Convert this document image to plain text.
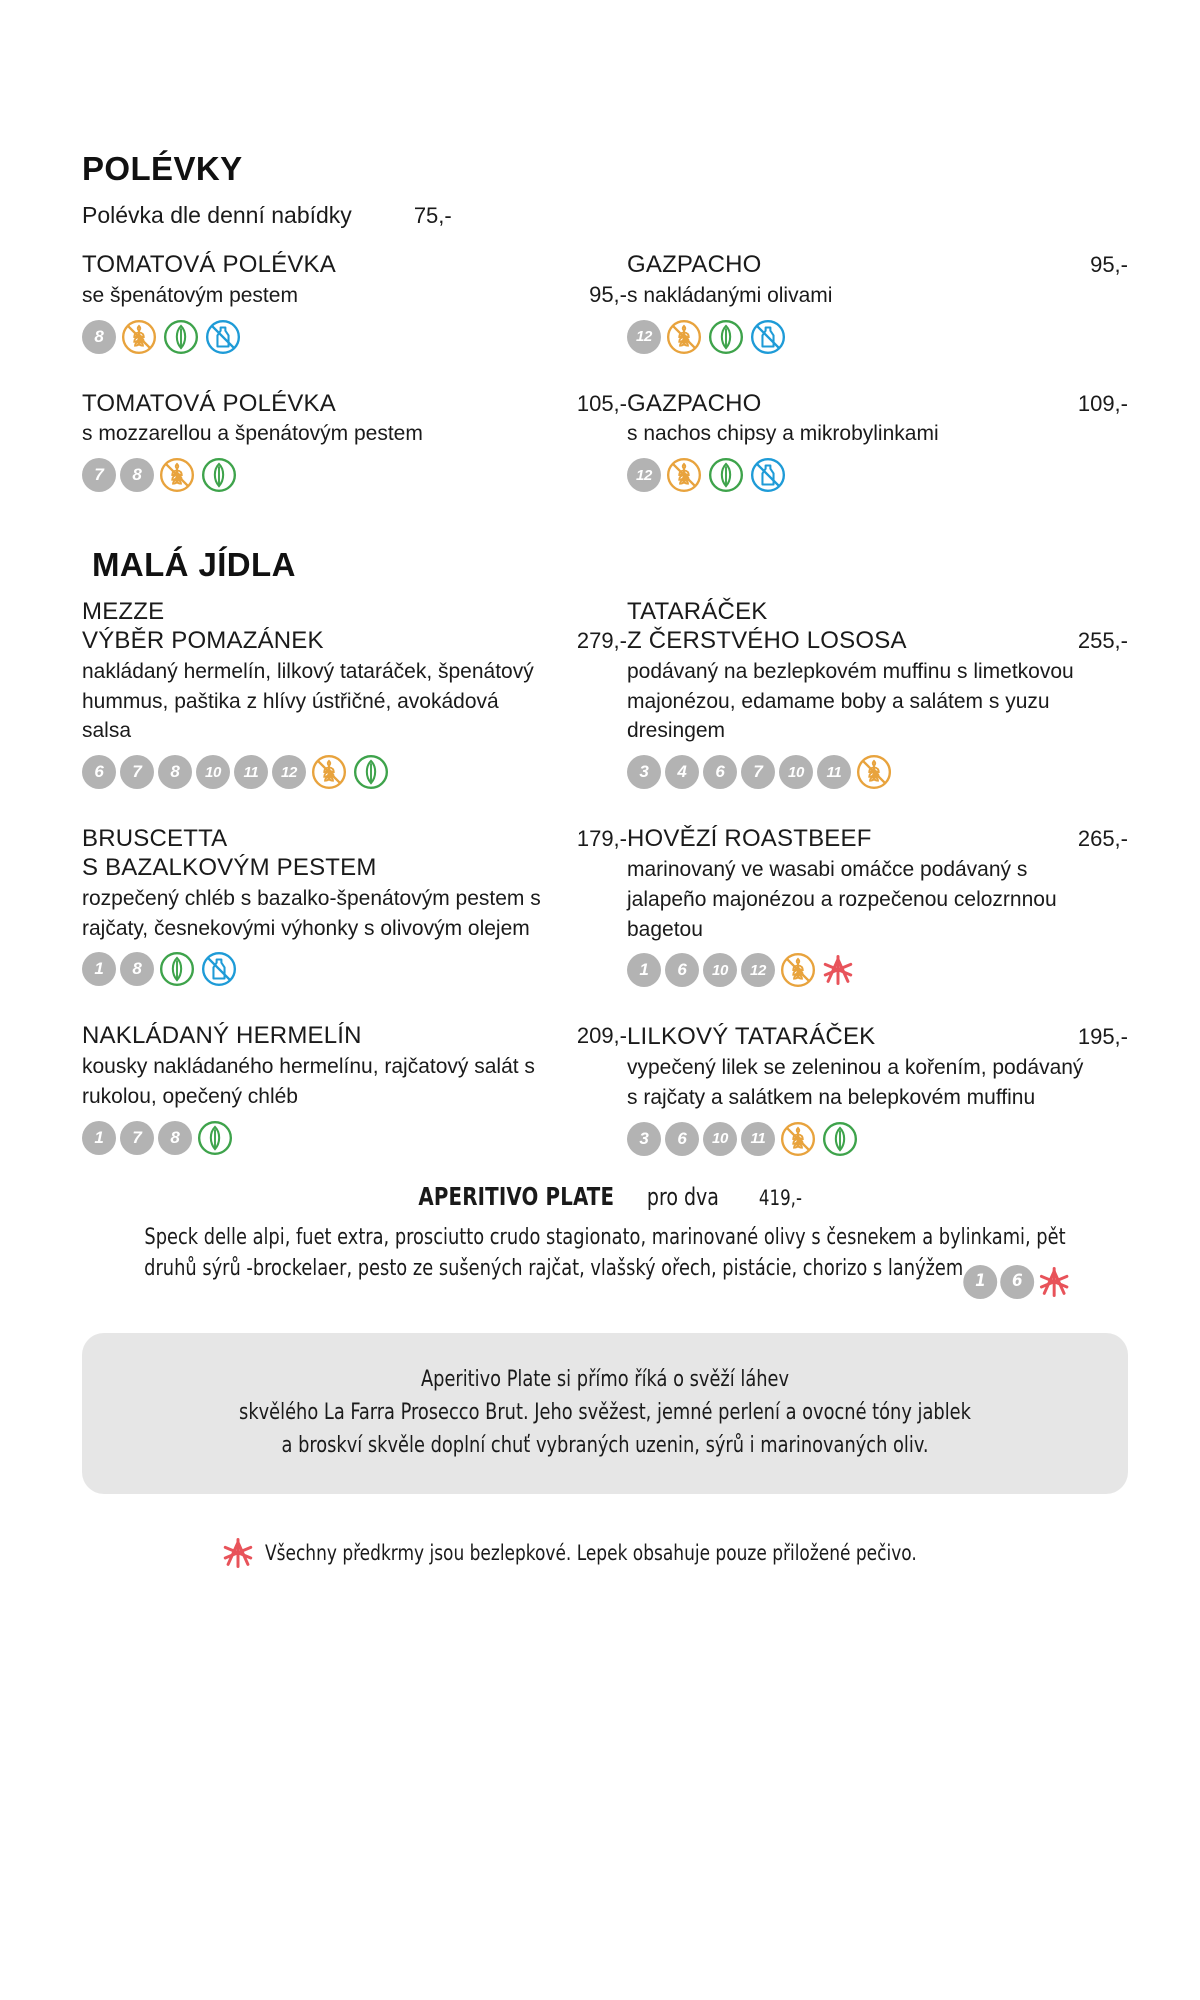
POLÉVKY
Polévka dle denní nabídky	75,-
TOMATOVÁ POLÉVKA
se špenátovým pestem	95,-
8
TOMATOVÁ POLÉVKA	105,-
s mozzarellou a špenátovým pestem
7	8
GAZPACHO	95,-
s nakládanými olivami
12
GAZPACHO	109,-
s nachos chipsy a mikrobylinkami
12
MALÁ JÍDLA
MEZZE
VÝBĚR POMAZÁNEK	279,-
nakládaný hermelín, lilkový tataráček, špenátový hummus, paštika z hlívy ústřičné, avokádová salsa
6	7	8	10	11	12
BRUSCETTA	179,-
S BAZALKOVÝM PESTEM
rozpečený chléb s bazalko-špenátovým pestem s rajčaty, česnekovými výhonky s olivovým olejem
1	8
NAKLÁDANÝ HERMELÍN	209,-
kousky nakládaného hermelínu, rajčatový salát s rukolou, opečený chléb
1	7	8
TATARÁČEK
Z ČERSTVÉHO LOSOSA	255,-
podávaný na bezlepkovém muffinu s limetkovou majonézou, edamame boby a salátem s yuzu dresingem
3	4	6	7	10	11
HOVĚZÍ ROASTBEEF	265,-
marinovaný ve wasabi omáčce podávaný s jalapeño majonézou a rozpečenou celozrnnou bagetou
1	6	10	12
LILKOVÝ TATARÁČEK	195,-
vypečený lilek se zeleninou a kořením, podávaný s rajčaty a salátkem na belepkovém muffinu
3	6	10	11
APERITIVO PLATE pro dva 419,-
Speck delle alpi, fuet extra, prosciutto crudo stagionato, marinované olivy s česnekem a bylinkami, pět druhů sýrů -brockelaer, pesto ze sušených rajčat, vlašský ořech, pistácie, chorizo s lanýžem 1	6
Aperitivo Plate si přímo říká o svěží láhev
skvělého La Farra Prosecco Brut. Jeho svěžest, jemné perlení a ovocné tóny jablek
a broskví skvěle doplní chuť vybraných uzenin, sýrů i marinovaných oliv.
Všechny předkrmy jsou bezlepkové. Lepek obsahuje pouze přiložené pečivo.
